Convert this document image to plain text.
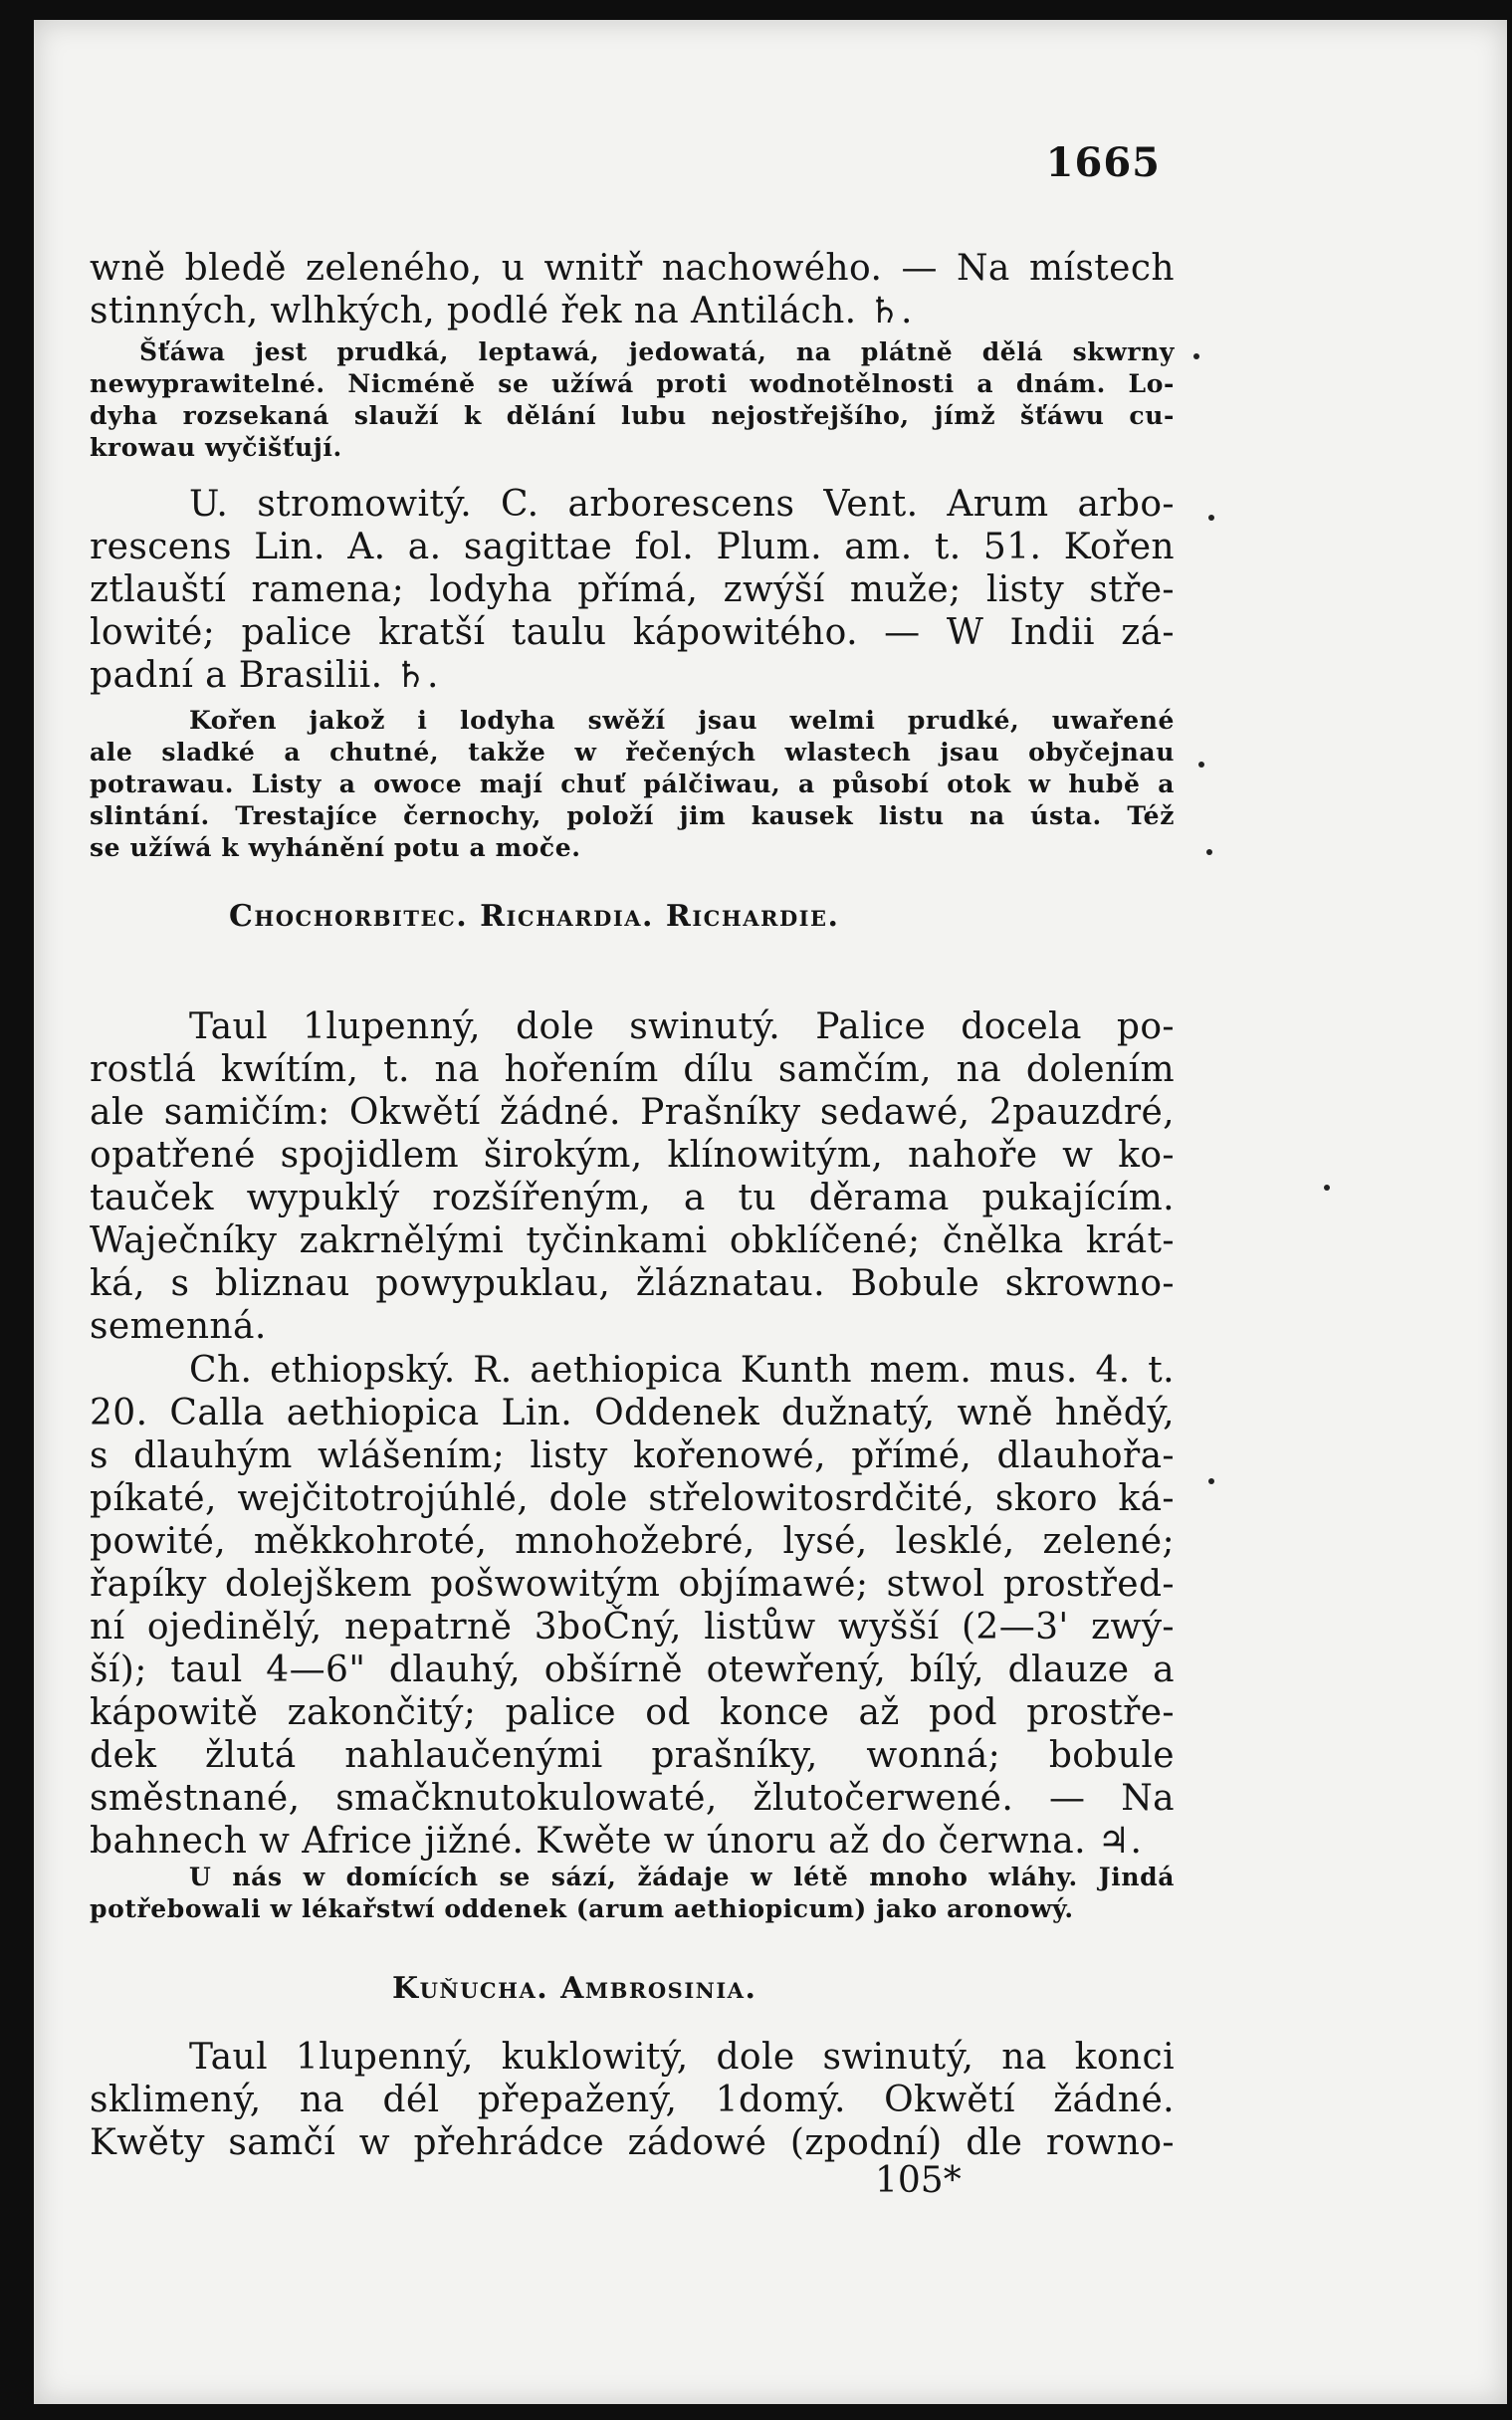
1665
wně bledě zeleného, u wnitř nachowého. — Na místech
stinných, wlhkých, podlé řek na Antilách. ♄.
Šťáwa jest prudká, leptawá, jedowatá, na plátně dělá skwrny
newyprawitelné. Nicméně se užíwá proti wodnotělnosti a dnám. Lo-
dyha rozsekaná slauží k dělání lubu nejostřejšího, jímž šťáwu cu-
krowau wyčišťují.
U. stromowitý. C. arborescens Vent. Arum arbo-
rescens Lin. A. a. sagittae fol. Plum. am. t. 51. Kořen
ztlauští ramena; lodyha přímá, zwýší muže; listy stře-
lowité; palice kratší taulu kápowitého. — W Indii zá-
padní a Brasilii. ♄.
Kořen jakož i lodyha swěží jsau welmi prudké, uwařené
ale sladké a chutné, takže w řečených wlastech jsau obyčejnau
potrawau. Listy a owoce mají chuť pálčiwau, a působí otok w hubě a
slintání. Trestajíce černochy, položí jim kausek listu na ústa. Též
se užíwá k wyhánění potu a moče.
Chochorbitec. Richardia. Richardie.
Taul 1lupenný, dole swinutý. Palice docela po-
rostlá kwítím, t. na hořením dílu samčím, na dolením
ale samičím: Okwětí žádné. Prašníky sedawé, 2pauzdré,
opatřené spojidlem širokým, klínowitým, nahoře w ko-
tauček wypuklý rozšířeným, a tu děrama pukajícím.
Waječníky zakrnělými tyčinkami obklíčené; čnělka krát-
ká, s bliznau powypuklau, žláznatau. Bobule skrowno-
semenná.
Ch. ethiopský. R. aethiopica Kunth mem. mus. 4. t.
20. Calla aethiopica Lin. Oddenek dužnatý, wně hnědý,
s dlauhým wlášením; listy kořenowé, přímé, dlauhořa-
píkaté, wejčitotrojúhlé, dole střelowitosrdčité, skoro ká-
powité, měkkohroté, mnohožebré, lysé, lesklé, zelené;
řapíky dolejškem pošwowitým objímawé; stwol prostřed-
ní ojedinělý, nepatrně 3boČný, listůw wyšší (2—3' zwý-
ší); taul 4—6" dlauhý, obšírně otewřený, bílý, dlauze a
kápowitě zakončitý; palice od konce až pod prostře-
dek žlutá nahlaučenými prašníky, wonná; bobule
směstnané, smačknutokulowaté, žlutočerwené. — Na
bahnech w Africe jižné. Kwěte w únoru až do čerwna. ♃.
U nás w domících se sází, žádaje w létě mnoho wláhy. Jindá
potřebowali w lékařstwí oddenek (arum aethiopicum) jako aronowý.
Kuňucha. Ambrosinia.
Taul 1lupenný, kuklowitý, dole swinutý, na konci
sklimený, na dél přepažený, 1domý. Okwětí žádné.
Kwěty samčí w přehrádce zádowé (zpodní) dle rowno-
105*
